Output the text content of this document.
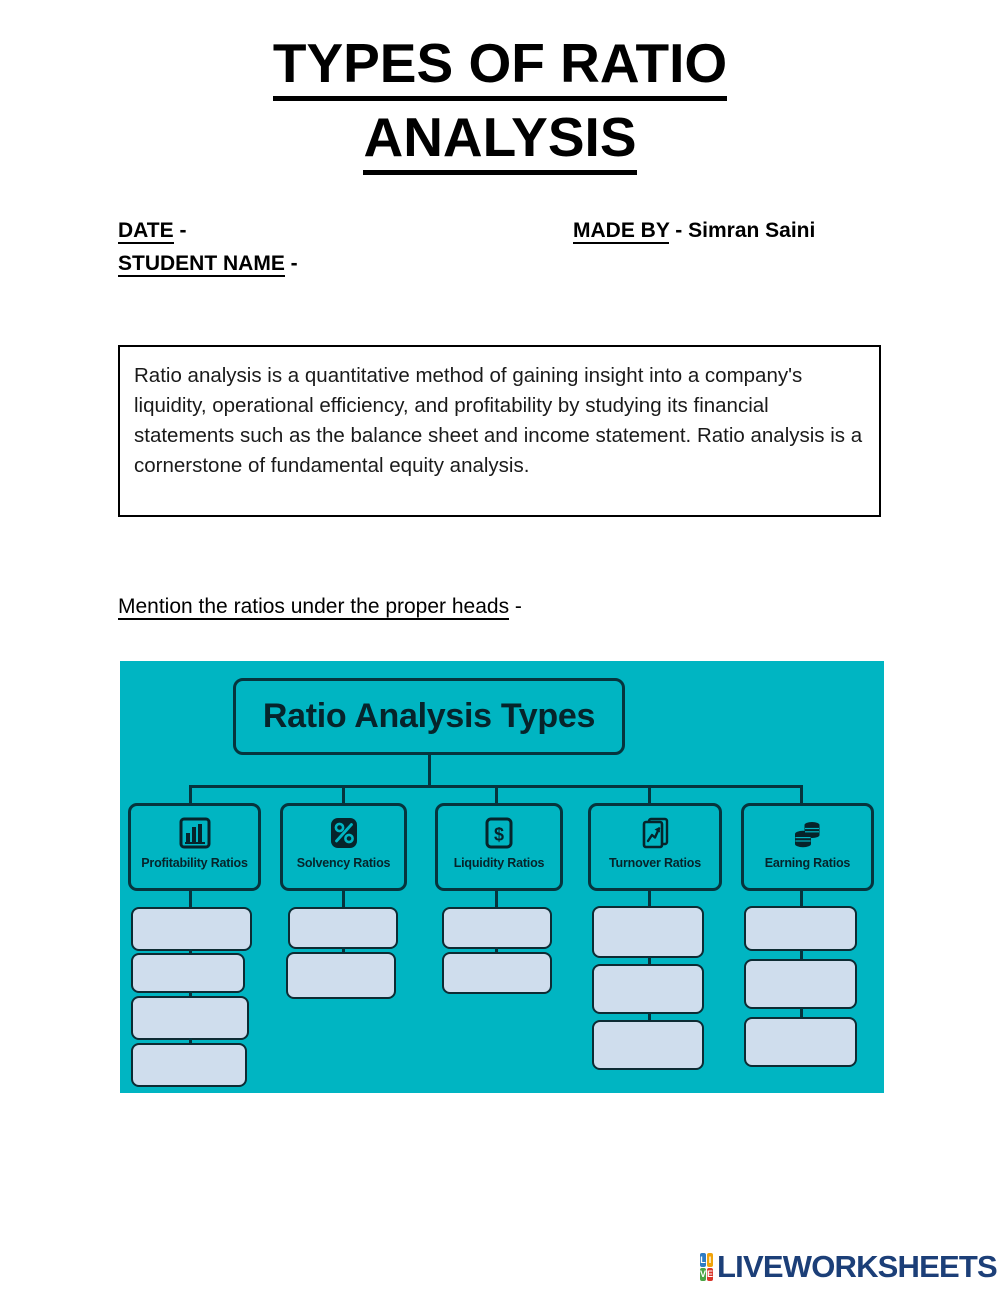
TYPES OF RATIO
ANALYSIS
DATE -	MADE BY - Simran Saini
STUDENT NAME -
Ratio analysis is a quantitative method of gaining insight into a company's liquidity, operational efficiency, and profitability by studying its financial statements such as the balance sheet and income statement. Ratio analysis is a cornerstone of fundamental equity analysis.
Mention the ratios under the proper heads -
Ratio Analysis Types
Profitability Ratios	Solvency Ratios
$
Liquidity Ratios	Turnover Ratios	Earning Ratios
L I
V E LIVEWORKSHEETS
